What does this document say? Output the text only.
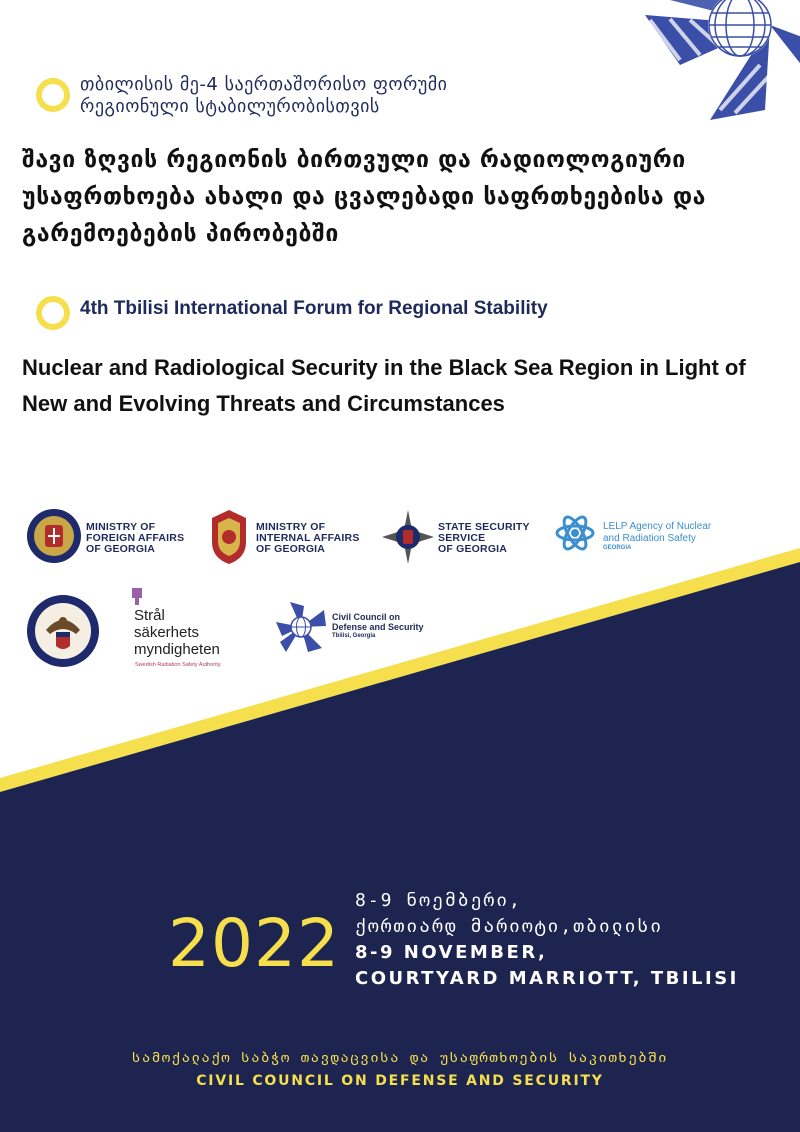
თბილისის მე-4 საერთაშორისო ფორუმი
რეგიონული სტაბილურობისთვის
შავი ზღვის რეგიონის ბირთვული და რადიოლოგიური
უსაფრთხოება ახალი და ცვალებადი საფრთხეებისა და
გარემოებების პირობებში
4th Tbilisi International Forum for Regional Stability
Nuclear and Radiological Security in the Black Sea Region in Light of
New and Evolving Threats and Circumstances
MINISTRY OF
FOREIGN AFFAIRS
OF GEORGIA
MINISTRY OF
INTERNAL AFFAIRS
OF GEORGIA
STATE SECURITY
SERVICE
OF GEORGIA
LELP Agency of Nuclear
and Radiation Safety
GEORGIA
Strål
säkerhets
myndigheten
Swedish Radiation Safety Authority
Civil Council on
Defense and Security
Tbilisi, Georgia
2022
8-9 ნოემბერი,
ქორთიარდ მარიოტი,თბილისი
8-9 NOVEMBER,
COURTYARD MARRIOTT, TBILISI
სამოქალაქო საბჭო თავდაცვისა და უსაფრთხოების საკითხებში
CIVIL COUNCIL ON DEFENSE AND SECURITY
